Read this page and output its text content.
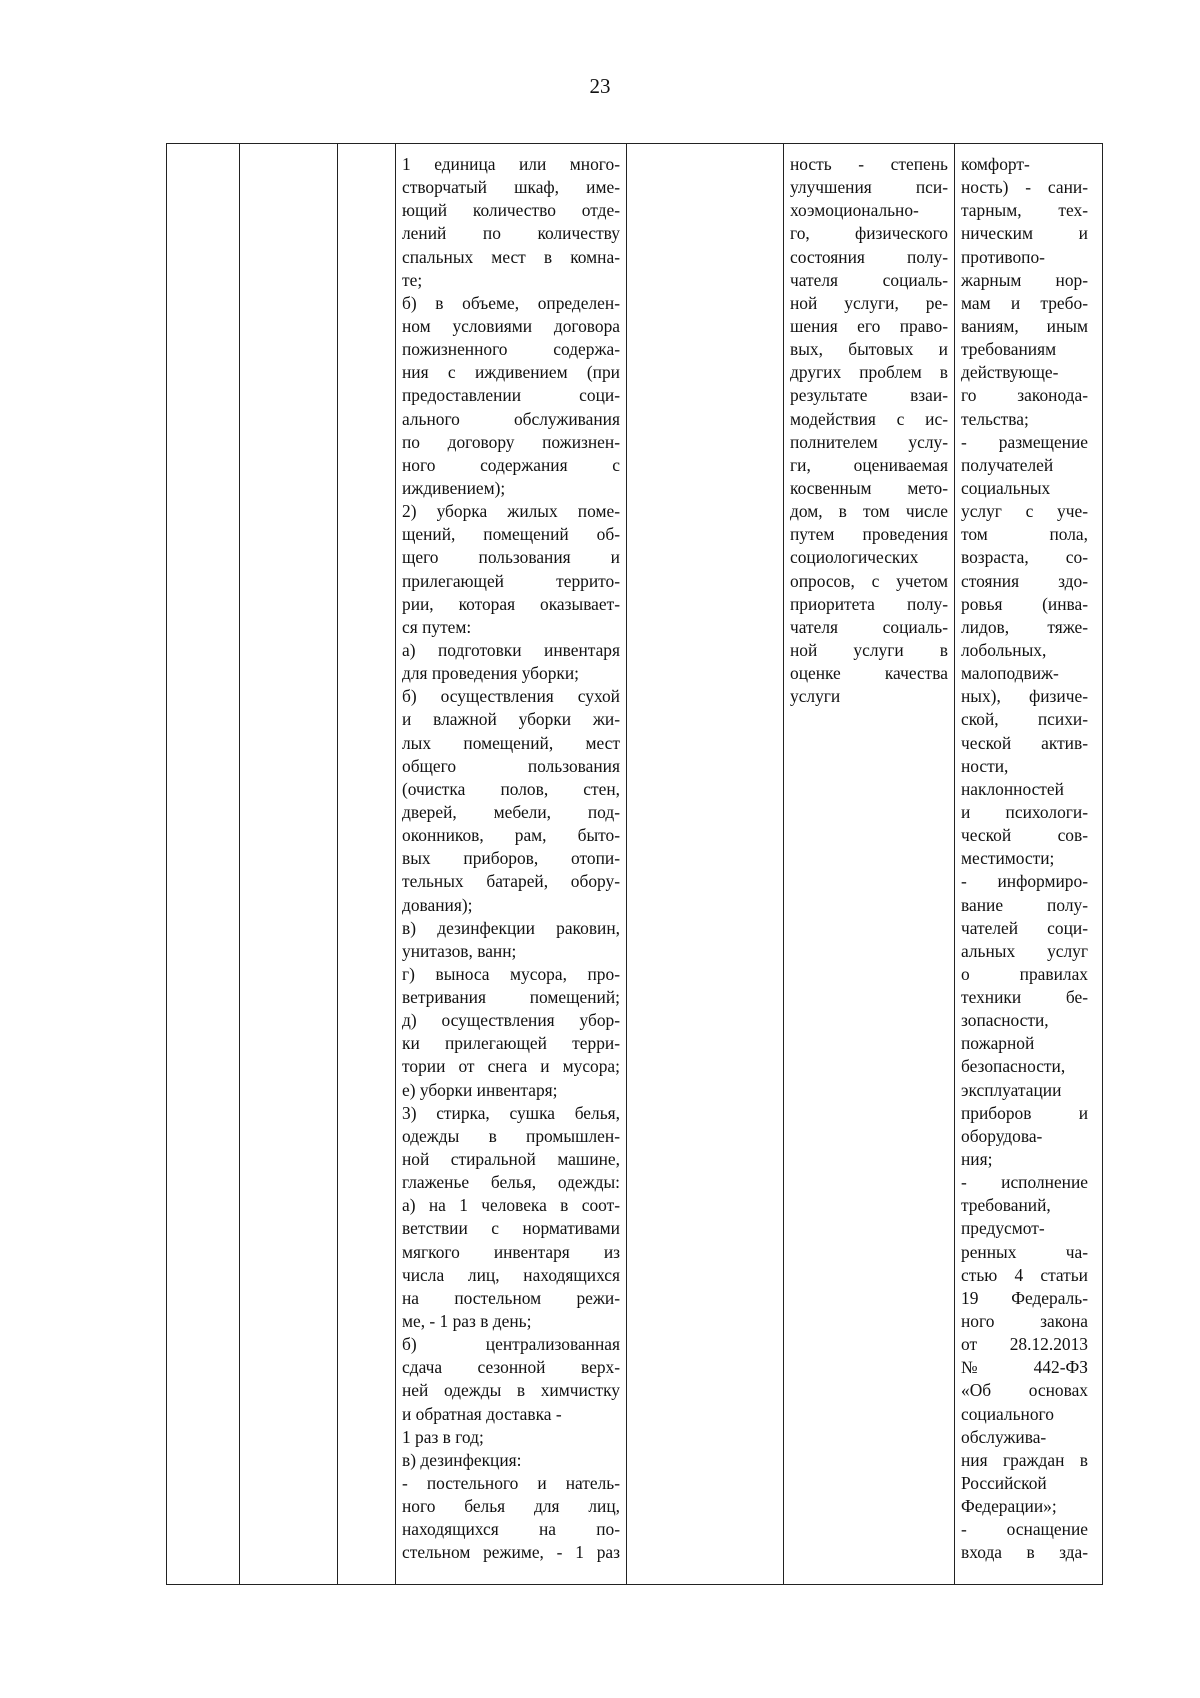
23
1 единица или много-
створчатый шкаф, име-
ющий количество отде-
лений по количеству
спальных мест в комна-
те;
б) в объеме, определен-
ном условиями договора
пожизненного содержа-
ния с иждивением (при
предоставлении соци-
ального обслуживания
по договору пожизнен-
ного содержания с
иждивением);
2) уборка жилых поме-
щений, помещений об-
щего пользования и
прилегающей террито-
рии, которая оказывает-
ся путем:
а) подготовки инвентаря
для проведения уборки;
б) осуществления сухой
и влажной уборки жи-
лых помещений, мест
общего пользования
(очистка полов, стен,
дверей, мебели, под-
оконников, рам, быто-
вых приборов, отопи-
тельных батарей, обору-
дования);
в) дезинфекции раковин,
унитазов, ванн;
г) выноса мусора, про-
ветривания помещений;
д) осуществления убор-
ки прилегающей терри-
тории от снега и мусора;
е) уборки инвентаря;
3) стирка, сушка белья,
одежды в промышлен-
ной стиральной машине,
глаженье белья, одежды:
а) на 1 человека в соот-
ветствии с нормативами
мягкого инвентаря из
числа лиц, находящихся
на постельном режи-
ме, - 1 раз в день;
б) централизованная
сдача сезонной верх-
ней одежды в химчистку
и обратная доставка -
1 раз в год;
в) дезинфекция:
- постельного и натель-
ного белья для лиц,
находящихся на по-
стельном режиме, - 1 раз
ность - степень
улучшения пси-
хоэмоционально-
го, физического
состояния полу-
чателя социаль-
ной услуги, ре-
шения его право-
вых, бытовых и
других проблем в
результате взаи-
модействия с ис-
полнителем услу-
ги, оцениваемая
косвенным мето-
дом, в том числе
путем проведения
социологических
опросов, с учетом
приоритета полу-
чателя социаль-
ной услуги в
оценке качества
услуги
комфорт-
ность) - сани-
тарным, тех-
ническим и
противопо-
жарным нор-
мам и требо-
ваниям, иным
требованиям
действующе-
го законода-
тельства;
- размещение
получателей
социальных
услуг с уче-
том пола,
возраста, со-
стояния здо-
ровья (инва-
лидов, тяже-
лобольных,
малоподвиж-
ных), физиче-
ской, психи-
ческой актив-
ности,
наклонностей
и психологи-
ческой сов-
местимости;
- информиро-
вание полу-
чателей соци-
альных услуг
о правилах
техники бе-
зопасности,
пожарной
безопасности,
эксплуатации
приборов и
оборудова-
ния;
- исполнение
требований,
предусмот-
ренных ча-
стью 4 статьи
19 Федераль-
ного закона
от 28.12.2013
№ 442-ФЗ
«Об основах
социального
обслужива-
ния граждан в
Российской
Федерации»;
- оснащение
входа в зда-
